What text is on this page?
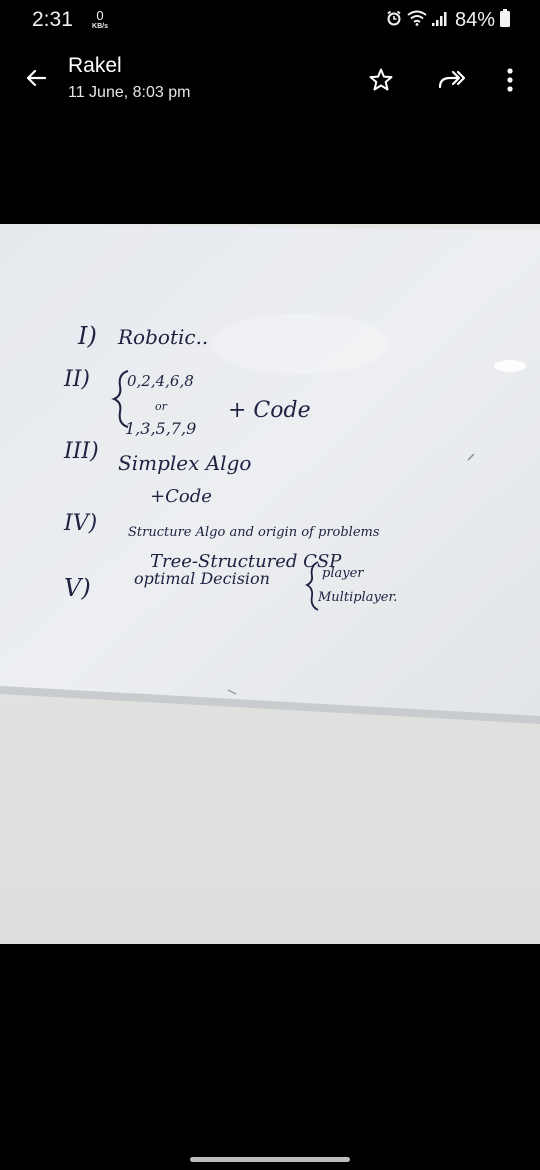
2:31	0
KB/s	84%
Rakel
11 June, 8:03 pm
I) Robotic..
II) 0,2,4,6,8
or
1,3,5,7,9
+ Code
III) Simplex Algo
+Code
IV) Structure Algo and origin of problems
Tree-Structured CSP
V)	optimal Decision	player
Multiplayer.
